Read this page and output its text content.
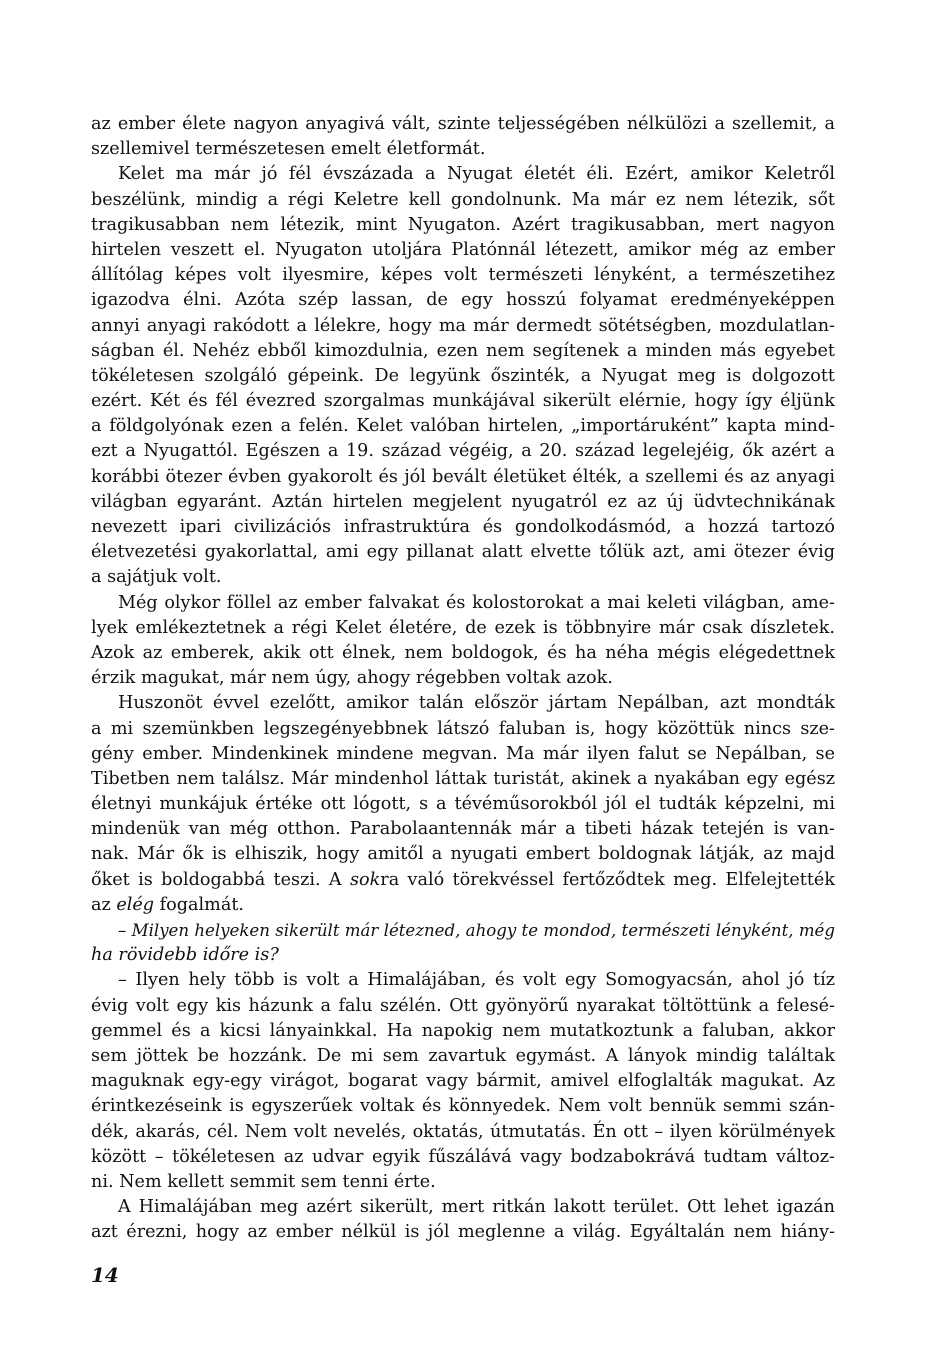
az ember élete nagyon anyagivá vált, szinte teljességében nélkülözi a szellemit, a
szellemivel természetesen emelt életformát.
Kelet ma már jó fél évszázada a Nyugat életét éli. Ezért, amikor Keletről
beszélünk, mindig a régi Keletre kell gondolnunk. Ma már ez nem létezik, sőt
tragikusabban nem létezik, mint Nyugaton. Azért tragikusabban, mert nagyon
hirtelen veszett el. Nyugaton utoljára Platónnál létezett, amikor még az ember
állítólag képes volt ilyesmire, képes volt természeti lényként, a természetihez
igazodva élni. Azóta szép lassan, de egy hosszú folyamat eredményeképpen
annyi anyagi rakódott a lélekre, hogy ma már dermedt sötétségben, mozdulatlan-
ságban él. Nehéz ebből kimozdulnia, ezen nem segítenek a minden más egyebet
tökéletesen szolgáló gépeink. De legyünk őszinték, a Nyugat meg is dolgozott
ezért. Két és fél évezred szorgalmas munkájával sikerült elérnie, hogy így éljünk
a földgolyónak ezen a felén. Kelet valóban hirtelen, „importáruként” kapta mind-
ezt a Nyugattól. Egészen a 19. század végéig, a 20. század legelejéig, ők azért a
korábbi ötezer évben gyakorolt és jól bevált életüket élték, a szellemi és az anyagi
világban egyaránt. Aztán hirtelen megjelent nyugatról ez az új üdvtechnikának
nevezett ipari civilizációs infrastruktúra és gondolkodásmód, a hozzá tartozó
életvezetési gyakorlattal, ami egy pillanat alatt elvette tőlük azt, ami ötezer évig
a sajátjuk volt.
Még olykor föllel az ember falvakat és kolostorokat a mai keleti világban, ame-
lyek emlékeztetnek a régi Kelet életére, de ezek is többnyire már csak díszletek.
Azok az emberek, akik ott élnek, nem boldogok, és ha néha mégis elégedettnek
érzik magukat, már nem úgy, ahogy régebben voltak azok.
Huszonöt évvel ezelőtt, amikor talán először jártam Nepálban, azt mondták
a mi szemünkben legszegényebbnek látszó faluban is, hogy közöttük nincs sze-
gény ember. Mindenkinek mindene megvan. Ma már ilyen falut se Nepálban, se
Tibetben nem találsz. Már mindenhol láttak turistát, akinek a nyakában egy egész
életnyi munkájuk értéke ott lógott, s a tévéműsorokból jól el tudták képzelni, mi
mindenük van még otthon. Parabolaantennák már a tibeti házak tetején is van-
nak. Már ők is elhiszik, hogy amitől a nyugati embert boldognak látják, az majd
őket is boldogabbá teszi. A sokra való törekvéssel fertőződtek meg. Elfelejtették
az elég fogalmát.
– Milyen helyeken sikerült már létezned, ahogy te mondod, természeti lényként, még
ha rövidebb időre is?
– Ilyen hely több is volt a Himalájában, és volt egy Somogyacsán, ahol jó tíz
évig volt egy kis házunk a falu szélén. Ott gyönyörű nyarakat töltöttünk a felesé-
gemmel és a kicsi lányainkkal. Ha napokig nem mutatkoztunk a faluban, akkor
sem jöttek be hozzánk. De mi sem zavartuk egymást. A lányok mindig találtak
maguknak egy-egy virágot, bogarat vagy bármit, amivel elfoglalták magukat. Az
érintkezéseink is egyszerűek voltak és könnyedek. Nem volt bennük semmi szán-
dék, akarás, cél. Nem volt nevelés, oktatás, útmutatás. Én ott – ilyen körülmények
között – tökéletesen az udvar egyik fűszálává vagy bodzabokrává tudtam változ-
ni. Nem kellett semmit sem tenni érte.
A Himalájában meg azért sikerült, mert ritkán lakott terület. Ott lehet igazán
azt érezni, hogy az ember nélkül is jól meglenne a világ. Egyáltalán nem hiány-
14
